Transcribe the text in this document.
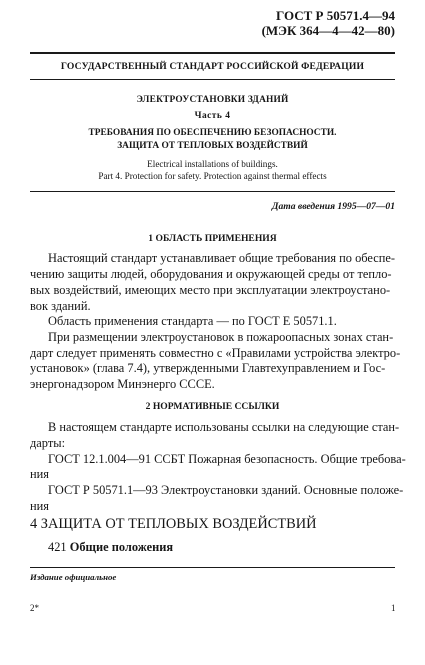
ГОСТ Р 50571.4—94
(МЭК 364—4—42—80)
ГОСУДАРСТВЕННЫЙ СТАНДАРТ РОССИЙСКОЙ ФЕДЕРАЦИИ
ЭЛЕКТРОУСТАНОВКИ ЗДАНИЙ
Часть 4
ТРЕБОВАНИЯ ПО ОБЕСПЕЧЕНИЮ БЕЗОПАСНОСТИ.
ЗАЩИТА ОТ ТЕПЛОВЫХ ВОЗДЕЙСТВИЙ
Electrical installations of buildings.
Part 4. Protection for safety. Protection against thermal effects
Дата введения 1995—07—01
1 ОБЛАСТЬ ПРИМЕНЕНИЯ
Настоящий стандарт устанавливает общие требования по обеспе-
чению защиты людей, оборудования и окружающей среды от тепло-
вых воздействий, имеющих место при эксплуатации электроустано-
вок зданий.
Область применения стандарта — по ГОСТ Е 50571.1.
При размещении электроустановок в пожароопасных зонах стан-
дарт следует применять совместно с «Правилами устройства электро-
установок» (глава 7.4), утвержденными Главтехуправлением и Гос-
энергонадзором Минэнерго СССЕ.
2 НОРМАТИВНЫЕ ССЫЛКИ
В настоящем стандарте использованы ссылки на следующие стан-
дарты:
ГОСТ 12.1.004—91 ССБТ Пожарная безопасность. Общие требова-
ния
ГОСТ Р 50571.1—93 Электроустановки зданий. Основные положе-
ния
4 ЗАЩИТА ОТ ТЕПЛОВЫХ ВОЗДЕЙСТВИЙ
421 Общие положения
Издание официальное
2*	1
